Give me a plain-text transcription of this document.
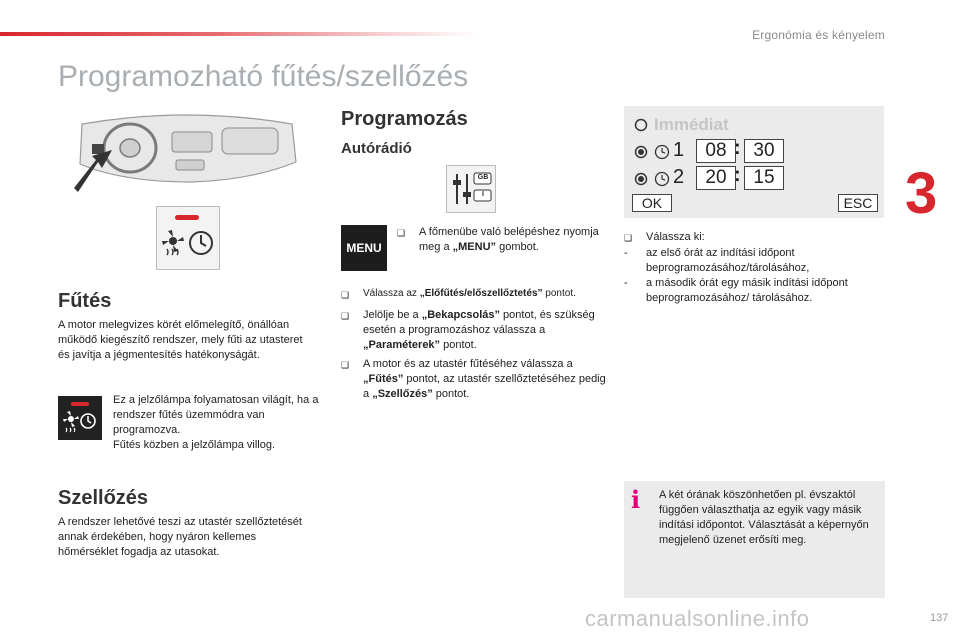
Ergonómia és kényelem
3
Programozható fűtés/szellőzés
Fűtés
A motor melegvizes körét előmelegítő, önállóan működő kiegészítő rendszer, mely fűti az utasteret és javítja a jégmentesítés hatékonyságát.
Ez a jelzőlámpa folyamatosan világít, ha a rendszer fűtés üzemmódra van programozva.
Fűtés közben a jelzőlámpa villog.
Szellőzés
A rendszer lehetővé teszi az utastér szellőztetését annak érdekében, hogy nyáron kellemes hőmérséklet fogadja az utasokat.
Programozás
Autórádió
GB
I
MENU
❑	A főmenübe való belépéshez nyomja meg a „MENU” gombot.
❑	Válassza az „Előfűtés/előszellőztetés” pontot.
❑	Jelölje be a „Bekapcsolás” pontot, és szükség esetén a programozáshoz válassza a „Paraméterek” pontot.
❑	A motor és az utastér fűtéséhez válassza a „Fűtés” pontot, az utastér szellőztetéséhez pedig a „Szellőzés” pontot.
Immédiat
1	08 : 30
2	20 : 15
OK	ESC
❑	Válassza ki:
-	az első órát az indítási időpont beprogramozásához/tárolásához,
-	a második órát egy másik indítási időpont beprogramozásához/ tárolásához.
i A két órának köszönhetően pl. évszaktól függően választhatja az egyik vagy másik indítási időpontot. Választását a képernyőn megjelenő üzenet erősíti meg.
carmanualsonline.info	137
